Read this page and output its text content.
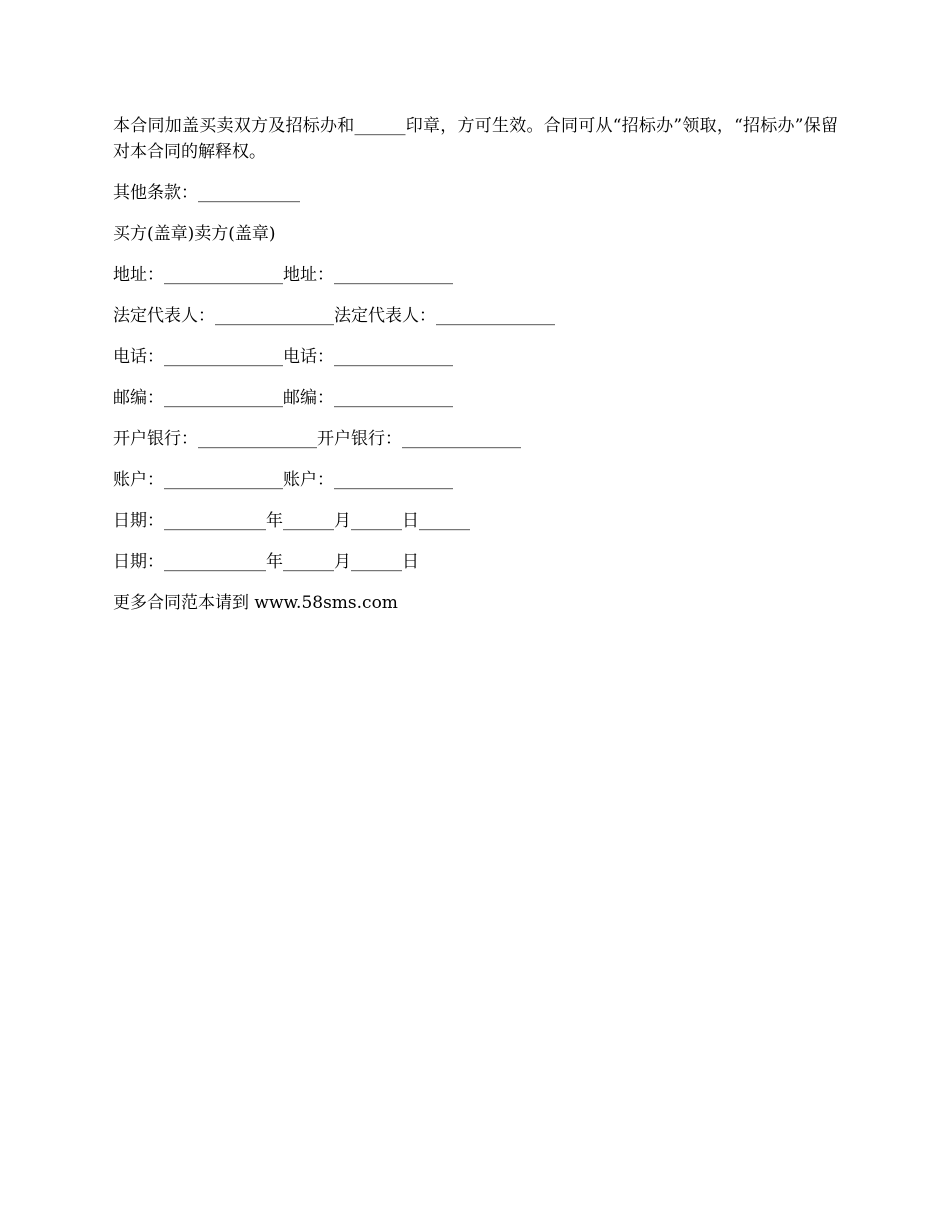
本合同加盖买卖双方及招标办和______印章，方可生效。合同可从“招标办”领取，“招标办”保留对本合同的解释权。

其他条款：____________
买方(盖章)卖方(盖章)
地址：______________地址：______________
法定代表人：______________法定代表人：______________
电话：______________电话：______________
邮编：______________邮编：______________
开户银行：______________开户银行：______________
账户：______________账户：______________
日期：____________年______月______日______
日期：____________年______月______日
更多合同范本请到 www.58sms.com
